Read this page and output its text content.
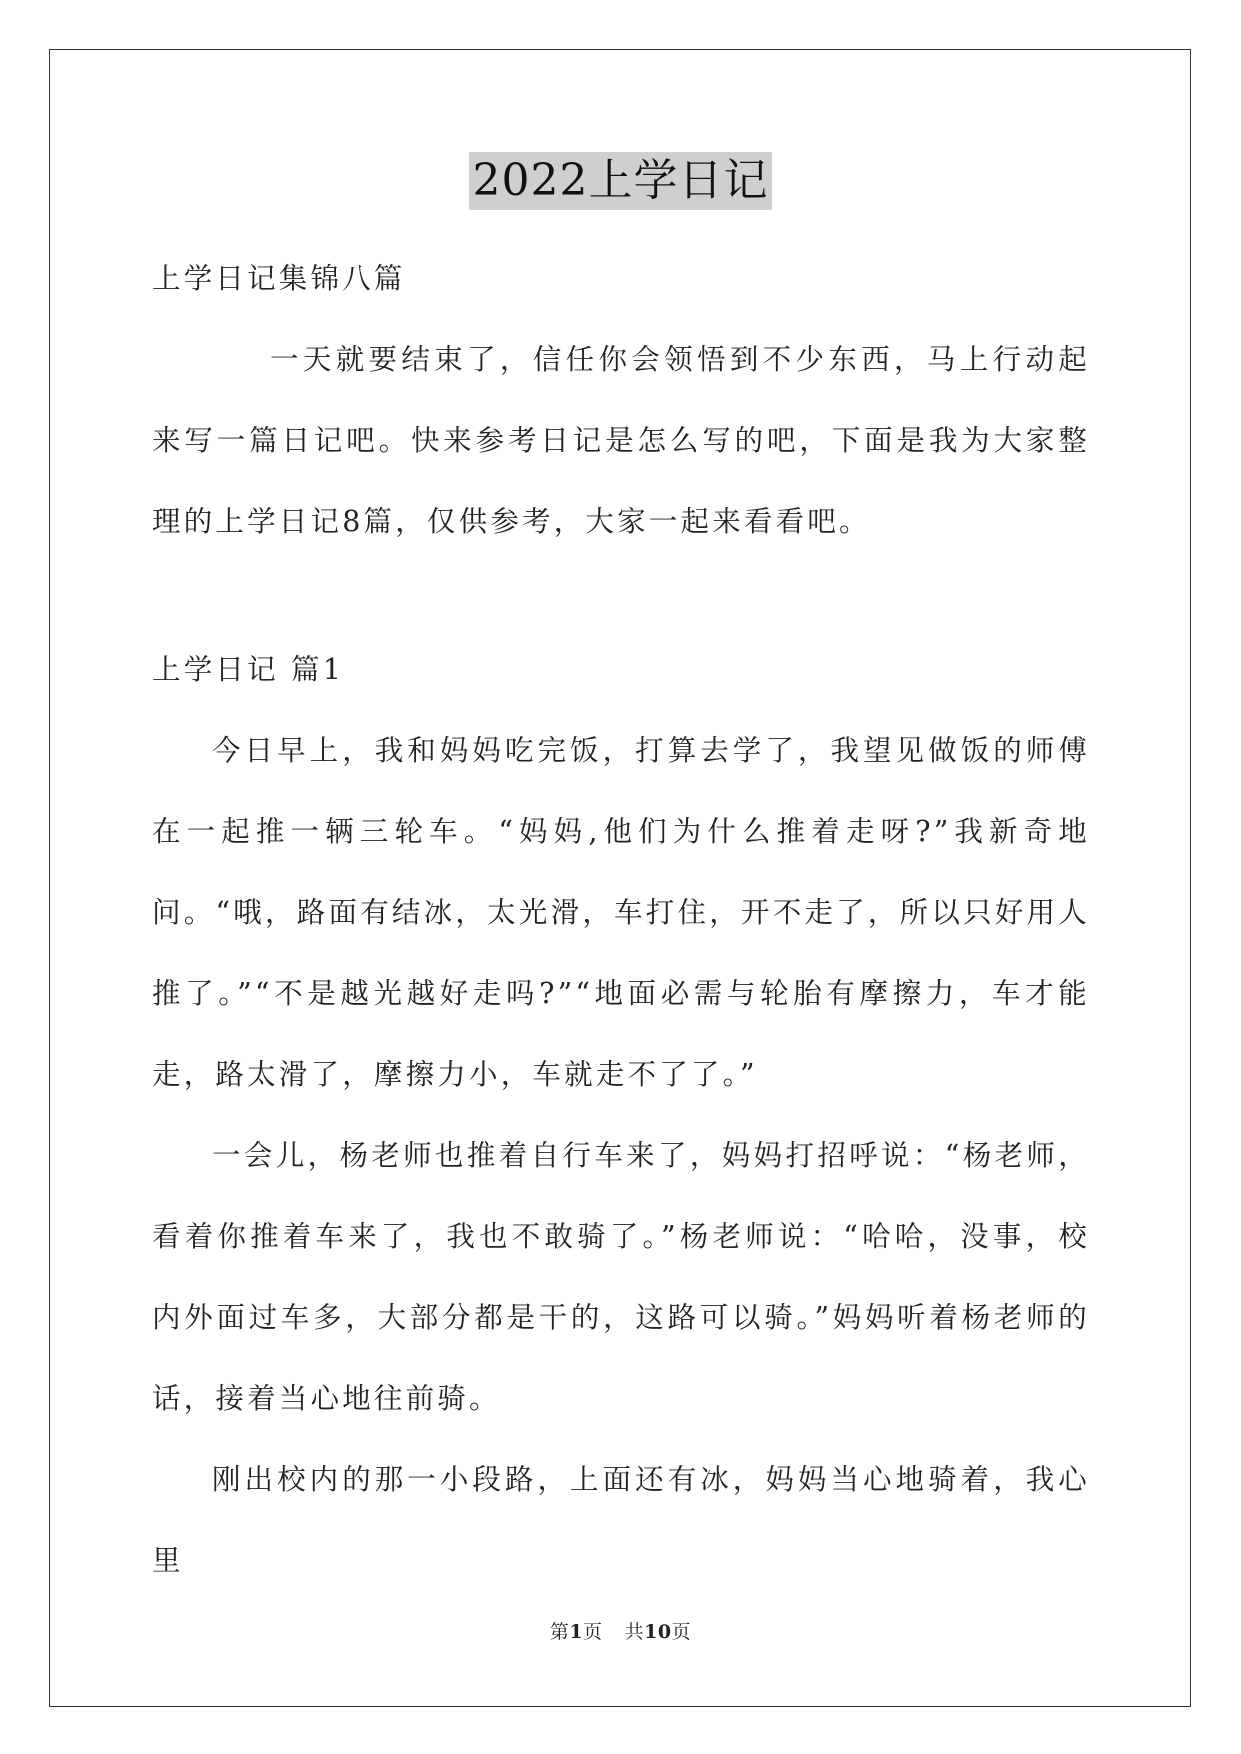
2022上学日记

上学日记集锦八篇

一天就要结束了，信任你会领悟到不少东西，马上行动起来写一篇日记吧。快来参考日记是怎么写的吧，下面是我为大家整理的上学日记8篇，仅供参考，大家一起来看看吧。

上学日记 篇1

今日早上，我和妈妈吃完饭，打算去学了，我望见做饭的师傅在一起推一辆三轮车。“妈妈,他们为什么推着走呀?”我新奇地问。“哦，路面有结冰，太光滑，车打住，开不走了，所以只好用人推了。”“不是越光越好走吗?”“地面必需与轮胎有摩擦力，车才能走，路太滑了，摩擦力小，车就走不了了。”

一会儿，杨老师也推着自行车来了，妈妈打招呼说：“杨老师，看着你推着车来了，我也不敢骑了。”杨老师说：“哈哈，没事，校内外面过车多，大部分都是干的，这路可以骑。”妈妈听着杨老师的话，接着当心地往前骑。

刚出校内的那一小段路，上面还有冰，妈妈当心地骑着，我心里

第1页 共10页
